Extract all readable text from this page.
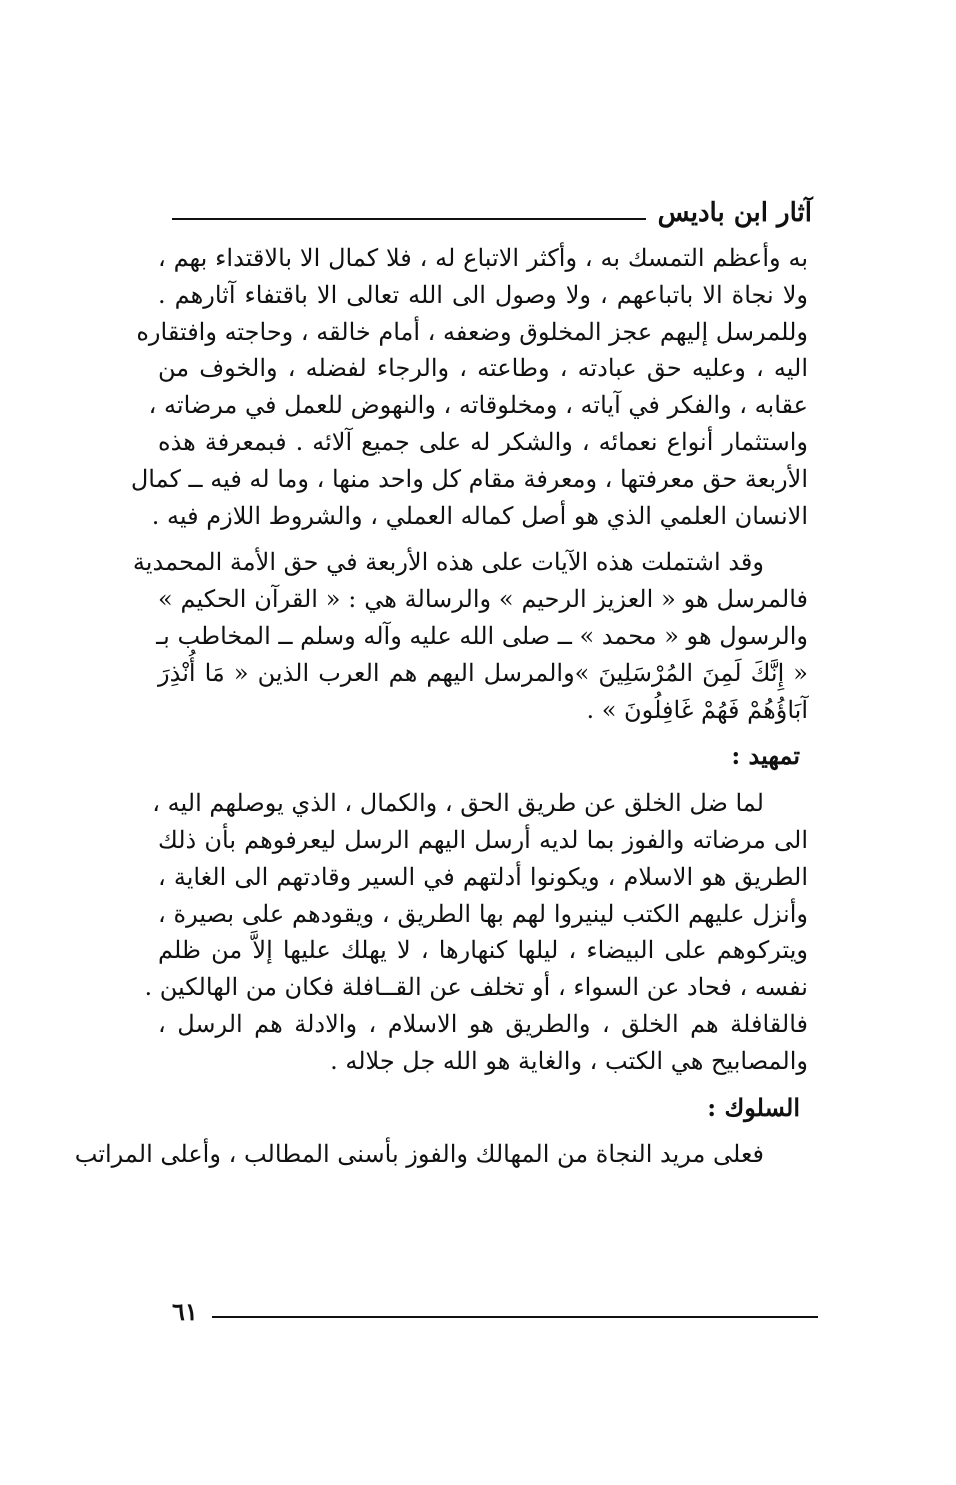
آثار ابن باديس
به وأعظم التمسك به ، وأكثر الاتباع له ، فلا كمال الا بالاقتداء بهم ،
ولا نجاة الا باتباعهم ، ولا وصول الى الله تعالى الا باقتفاء آثارهم .
وللمرسل إليهم عجز المخلوق وضعفه ، أمام خالقه ، وحاجته وافتقاره
اليه ، وعليه حق عبادته ، وطاعته ، والرجاء لفضله ، والخوف من
عقابه ، والفكر في آياته ، ومخلوقاته ، والنهوض للعمل في مرضاته ،
واستثمار أنواع نعمائه ، والشكر له على جميع آلائه . فبمعرفة هذه
الأربعة حق معرفتها ، ومعرفة مقام كل واحد منها ، وما له فيه ــ كمال
الانسان العلمي الذي هو أصل كماله العملي ، والشروط اللازم فيه .
وقد اشتملت هذه الآيات على هذه الأربعة في حق الأمة المحمدية
فالمرسل هو « العزيز الرحيم » والرسالة هي : « القرآن الحكيم »
والرسول هو « محمد » ــ صلى الله عليه وآله وسلم ــ المخاطب بـ
« إِنَّكَ لَمِنَ المُرْسَلِينَ »والمرسل اليهم هم العرب الذين « مَا أُنْذِرَ
آبَاؤُهُمْ فَهُمْ غَافِلُونَ » .
تمهيد :
لما ضل الخلق عن طريق الحق ، والكمال ، الذي يوصلهم اليه ،
الى مرضاته والفوز بما لديه أرسل اليهم الرسل ليعرفوهم بأن ذلك
الطريق هو الاسلام ، ويكونوا أدلتهم في السير وقادتهم الى الغاية ،
وأنزل عليهم الكتب لينيروا لهم بها الطريق ، ويقودهم على بصيرة ،
ويتركوهم على البيضاء ، ليلها كنهارها ، لا يهلك عليها إلاَّ من ظلم
نفسه ، فحاد عن السواء ، أو تخلف عن القــافلة فكان من الهالكين .
فالقافلة هم الخلق ، والطريق هو الاسلام ، والادلة هم الرسل ،
والمصابيح هي الكتب ، والغاية هو الله جل جلاله .
السلوك :
فعلى مريد النجاة من المهالك والفوز بأسنى المطالب ، وأعلى المراتب
٦١
